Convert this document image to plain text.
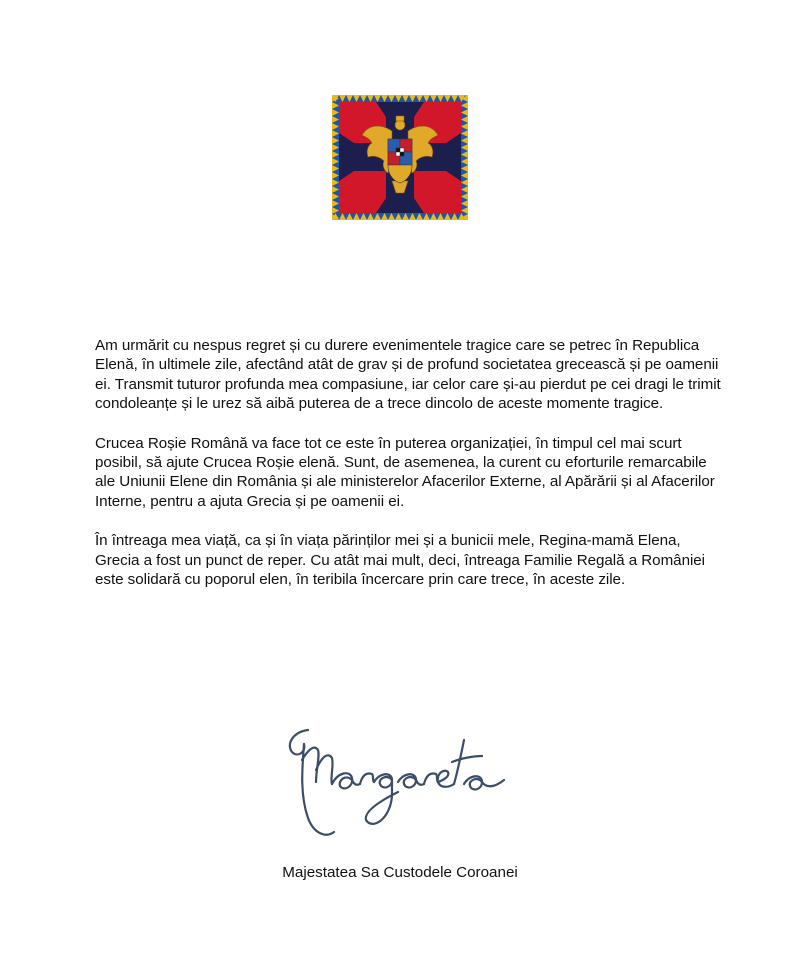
Am urmărit cu nespus regret și cu durere evenimentele tragice care se petrec în Republica Elenă, în ultimele zile, afectând atât de grav și de profund societatea grecească și pe oamenii ei. Transmit tuturor profunda mea compasiune, iar celor care și-au pierdut pe cei dragi le trimit condoleanțe și le urez să aibă puterea de a trece dincolo de aceste momente tragice.

Crucea Roșie Română va face tot ce este în puterea organizației, în timpul cel mai scurt posibil, să ajute Crucea Roșie elenă. Sunt, de asemenea, la curent cu eforturile remarcabile ale Uniunii Elene din România și ale ministerelor Afacerilor Externe, al Apărării și al Afacerilor Interne, pentru a ajuta Grecia și pe oamenii ei.

În întreaga mea viață, ca și în viața părinților mei și a bunicii mele, Regina-mamă Elena, Grecia a fost un punct de reper. Cu atât mai mult, deci, întreaga Familie Regală a României este solidară cu poporul elen, în teribila încercare prin care trece, în aceste zile.

Majestatea Sa Custodele Coroanei
